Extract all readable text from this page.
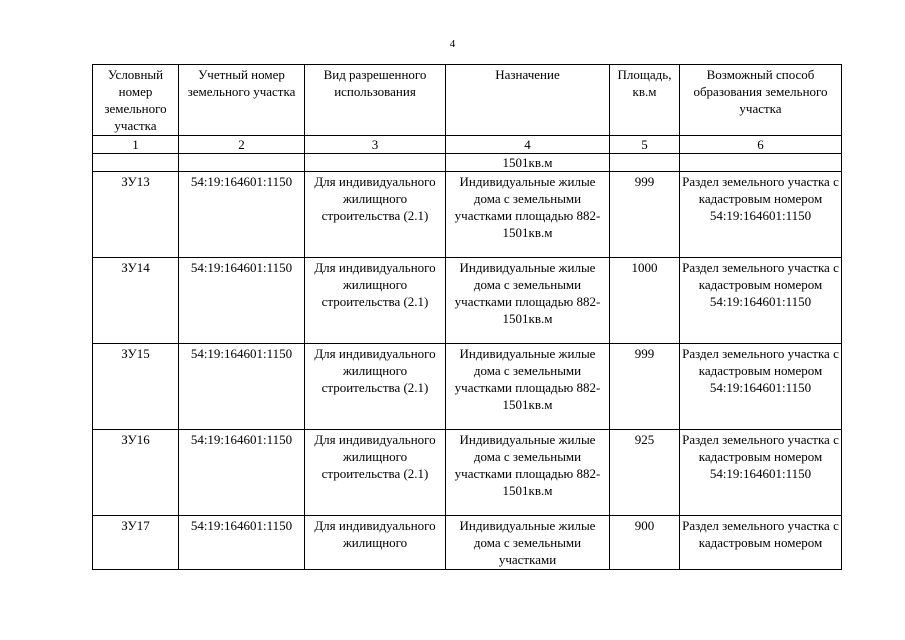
4
Условный номер земельного участка	Учетный номер земельного участка	Вид разрешенного использования	Назначение	Площадь, кв.м	Возможный способ образования земельного участка
1	2	3	4	5	6
			1501кв.м		
ЗУ13	54:19:164601:1150	Для индивидуального жилищного строительства (2.1)	Индивидуальные жилые дома с земельными участками площадью 882-1501кв.м	999	Раздел земельного участка с кадастровым номером 54:19:164601:1150
ЗУ14	54:19:164601:1150	Для индивидуального жилищного строительства (2.1)	Индивидуальные жилые дома с земельными участками площадью 882-1501кв.м	1000	Раздел земельного участка с кадастровым номером 54:19:164601:1150
ЗУ15	54:19:164601:1150	Для индивидуального жилищного строительства (2.1)	Индивидуальные жилые дома с земельными участками площадью 882-1501кв.м	999	Раздел земельного участка с кадастровым номером 54:19:164601:1150
ЗУ16	54:19:164601:1150	Для индивидуального жилищного строительства (2.1)	Индивидуальные жилые дома с земельными участками площадью 882-1501кв.м	925	Раздел земельного участка с кадастровым номером 54:19:164601:1150
ЗУ17	54:19:164601:1150	Для индивидуального жилищного	Индивидуальные жилые дома с земельными участками	900	Раздел земельного участка с кадастровым номером
